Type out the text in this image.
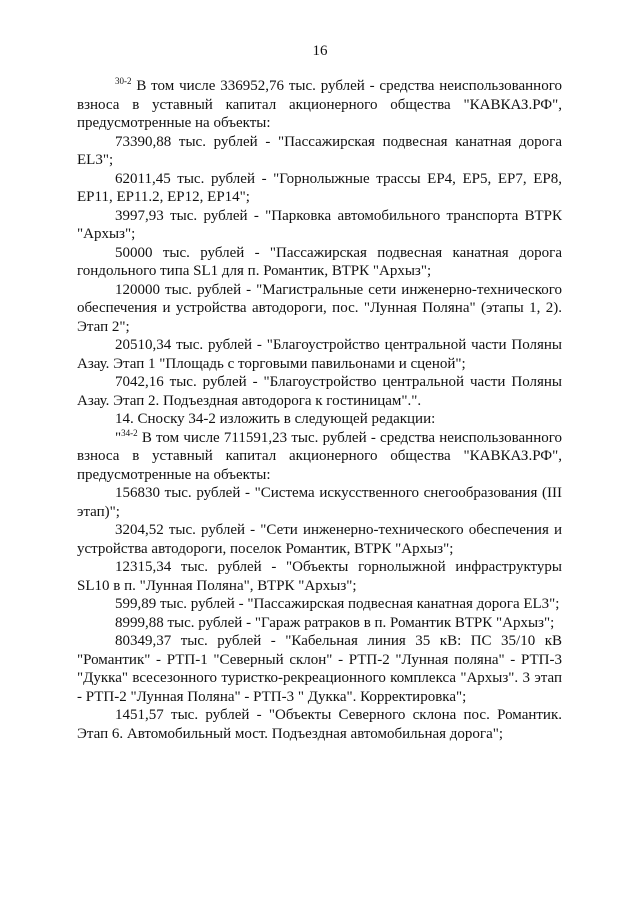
16

$^{30-2}$ В том числе 336952,76 тыс. рублей - средства неиспользованного взноса в уставный капитал акционерного общества "КАВКАЗ.РФ", предусмотренные на объекты:

73390,88 тыс. рублей - "Пассажирская подвесная канатная дорога EL3";

62011,45 тыс. рублей - "Горнолыжные трассы ЕР4, ЕР5, ЕР7, ЕР8, ЕР11, ЕР11.2, ЕР12, ЕР14";

3997,93 тыс. рублей - "Парковка автомобильного транспорта ВТРК "Архыз";

50000 тыс. рублей - "Пассажирская подвесная канатная дорога гондольного типа SL1 для п. Романтик, ВТРК "Архыз";

120000 тыс. рублей - "Магистральные сети инженерно-технического обеспечения и устройства автодороги, пос. "Лунная Поляна" (этапы 1, 2). Этап 2";

20510,34 тыс. рублей - "Благоустройство центральной части Поляны Азау. Этап 1 "Площадь с торговыми павильонами и сценой";

7042,16 тыс. рублей - "Благоустройство центральной части Поляны Азау. Этап 2. Подъездная автодорога к гостиницам".".

14. Сноску 34-2 изложить в следующей редакции:

"$^{34-2}$ В том числе 711591,23 тыс. рублей - средства неиспользованного взноса в уставный капитал акционерного общества "КАВКАЗ.РФ", предусмотренные на объекты:

156830 тыс. рублей - "Система искусственного снегообразования (III этап)";

3204,52 тыс. рублей - "Сети инженерно-технического обеспечения и устройства автодороги, поселок Романтик, ВТРК "Архыз";

12315,34 тыс. рублей - "Объекты горнолыжной инфраструктуры SL10 в п. "Лунная Поляна", ВТРК "Архыз";

599,89 тыс. рублей - "Пассажирская подвесная канатная дорога EL3";

8999,88 тыс. рублей - "Гараж ратраков в п. Романтик ВТРК "Архыз";

80349,37 тыс. рублей - "Кабельная линия 35 кВ: ПС 35/10 кВ "Романтик" - РТП-1 "Северный склон" - РТП-2 "Лунная поляна" - РТП-3 "Дукка" всесезонного туристко-рекреационного комплекса "Архыз". 3 этап - РТП-2 "Лунная Поляна" - РТП-3 " Дукка". Корректировка";

1451,57 тыс. рублей - "Объекты Северного склона пос. Романтик. Этап 6. Автомобильный мост. Подъездная автомобильная дорога";
